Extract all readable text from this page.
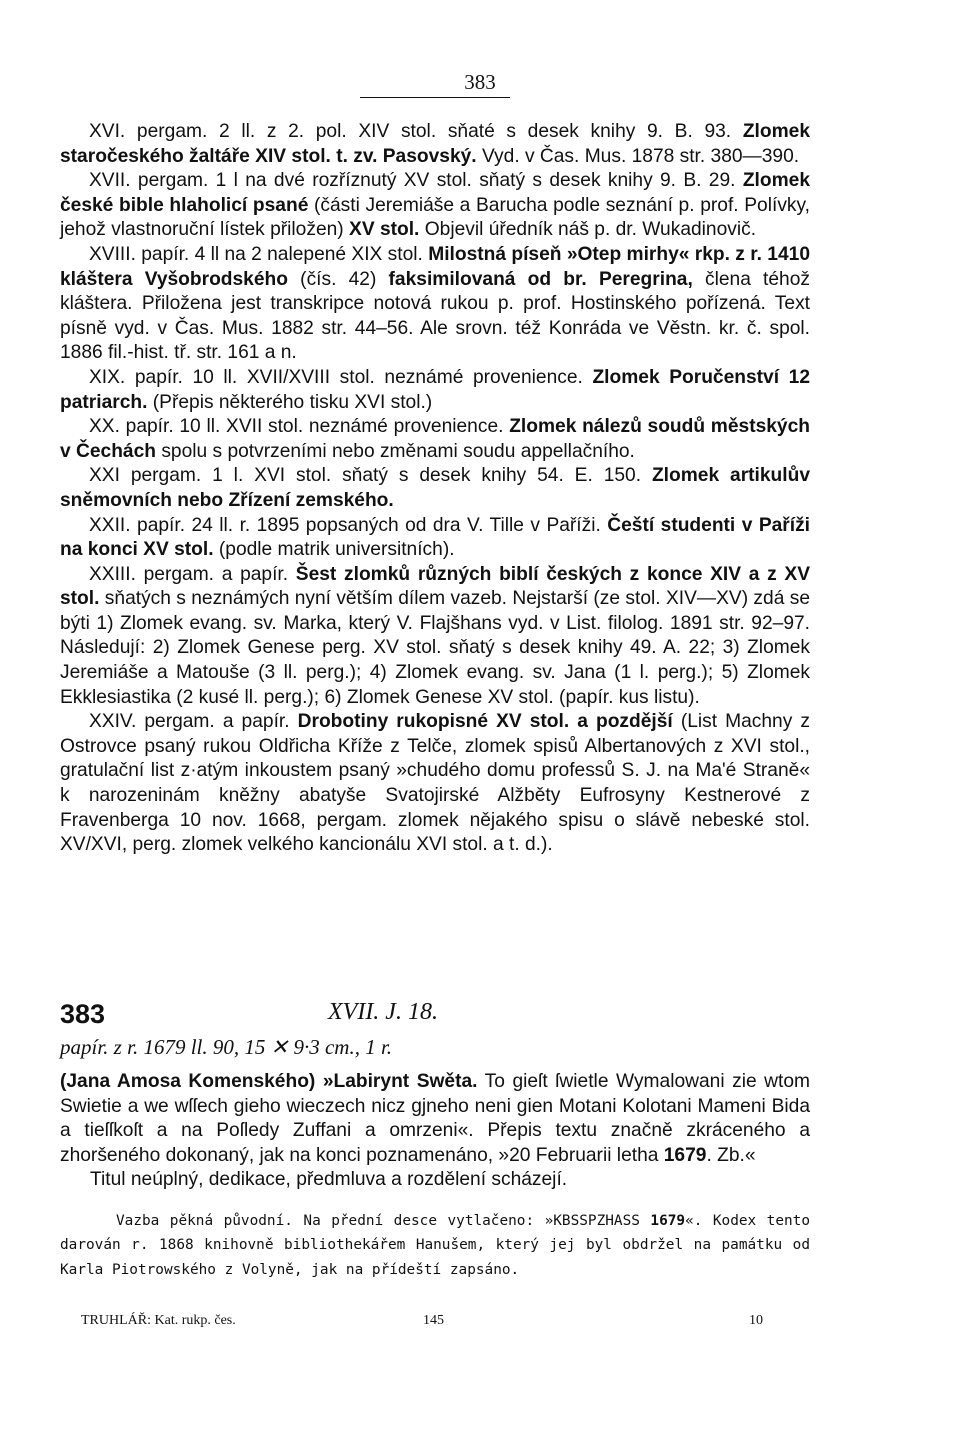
383

XVI. pergam. 2 ll. z 2. pol. XIV stol. sňaté s desek knihy 9. B. 93. Zlomek staročeského žaltáře XIV stol. t. zv. Pasovský. Vyd. v Čas. Mus. 1878 str. 380—390.

XVII. pergam. 1 l na dvé rozříznutý XV stol. sňatý s desek knihy 9. B. 29. Zlomek české bible hlaholicí psané (části Jeremiáše a Barucha podle seznání p. prof. Polívky, jehož vlastnoruční lístek přiložen) XV stol. Objevil úředník náš p. dr. Wukadinovič.

XVIII. papír. 4 ll na 2 nalepené XIX stol. Milostná píseň »Otep mirhy« rkp. z r. 1410 kláštera Vyšobrodského (čís. 42) faksimilovaná od br. Peregrina, člena téhož kláštera. Přiložena jest transkripce notová rukou p. prof. Hostinského pořízená. Text písně vyd. v Čas. Mus. 1882 str. 44–56. Ale srovn. též Konráda ve Věstn. kr. č. spol. 1886 fil.-hist. tř. str. 161 a n.

XIX. papír. 10 ll. XVII/XVIII stol. neznámé provenience. Zlomek Poručenství 12 patriarch. (Přepis některého tisku XVI stol.)

XX. papír. 10 ll. XVII stol. neznámé provenience. Zlomek nálezů soudů městských v Čechách spolu s potvrzeními nebo změnami soudu appellačního.

XXI pergam. 1 l. XVI stol. sňatý s desek knihy 54. E. 150. Zlomek artikulův sněmovních nebo Zřízení zemského.

XXII. papír. 24 ll. r. 1895 popsaných od dra V. Tille v Paříži. Čeští studenti v Paříži na konci XV stol. (podle matrik universitních).

XXIII. pergam. a papír. Šest zlomků různých biblí českých z konce XIV a z XV stol. sňatých s neznámých nyní větším dílem vazeb. Nejstarší (ze stol. XIV—XV) zdá se býti 1) Zlomek evang. sv. Marka, který V. Flajšhans vyd. v List. filolog. 1891 str. 92–97. Následují: 2) Zlomek Genese perg. XV stol. sňatý s desek knihy 49. A. 22; 3) Zlomek Jeremiáše a Matouše (3 ll. perg.); 4) Zlomek evang. sv. Jana (1 l. perg.); 5) Zlomek Ekklesiastika (2 kusé ll. perg.); 6) Zlomek Genese XV stol. (papír. kus listu).

XXIV. pergam. a papír. Drobotiny rukopisné XV stol. a pozdější (List Machny z Ostrovce psaný rukou Oldřicha Kříže z Telče, zlomek spisů Albertanových z XVI stol., gratulační list z·atým inkoustem psaný »chudého domu professů S. J. na Ma'é Straně« k narozeninám kněžny abatyše Svatojirské Alžběty Eufrosyny Kestnerové z Fravenberga 10 nov. 1668, pergam. zlomek nějakého spisu o slávě nebeské stol. XV/XVI, perg. zlomek velkého kancionálu XVI stol. a t. d.).

383	XVII. J. 18.
papír. z r. 1679 ll. 90, 15 ✕ 9·3 cm., 1 r.

(Jana Amosa Komenského) »Labirynt Swěta. To gieſt ſwietle Wymalowani zie wtom Swietie a we wſſech gieho wieczech nicz gjneho neni gien Motani Kolotani Mameni Bida a tieſſkoſt a na Poſledy Zuffani a omrzeni«. Přepis textu značně zkráceného a zhoršeného dokonaný, jak na konci poznamenáno, »20 Februarii letha 1679. Zb.«

Titul neúplný, dedikace, předmluva a rozdělení scházejí.

Vazba pěkná původní. Na přední desce vytlačeno: »KBSSPZHASS 1679«. Kodex tento darován r. 1868 knihovně bibliothekářem Hanušem, který jej byl obdržel na památku od Karla Piotrowského z Volyně, jak na přídeští zapsáno.

TRUHLÁŘ: Kat. rukp. čes.	145	10
